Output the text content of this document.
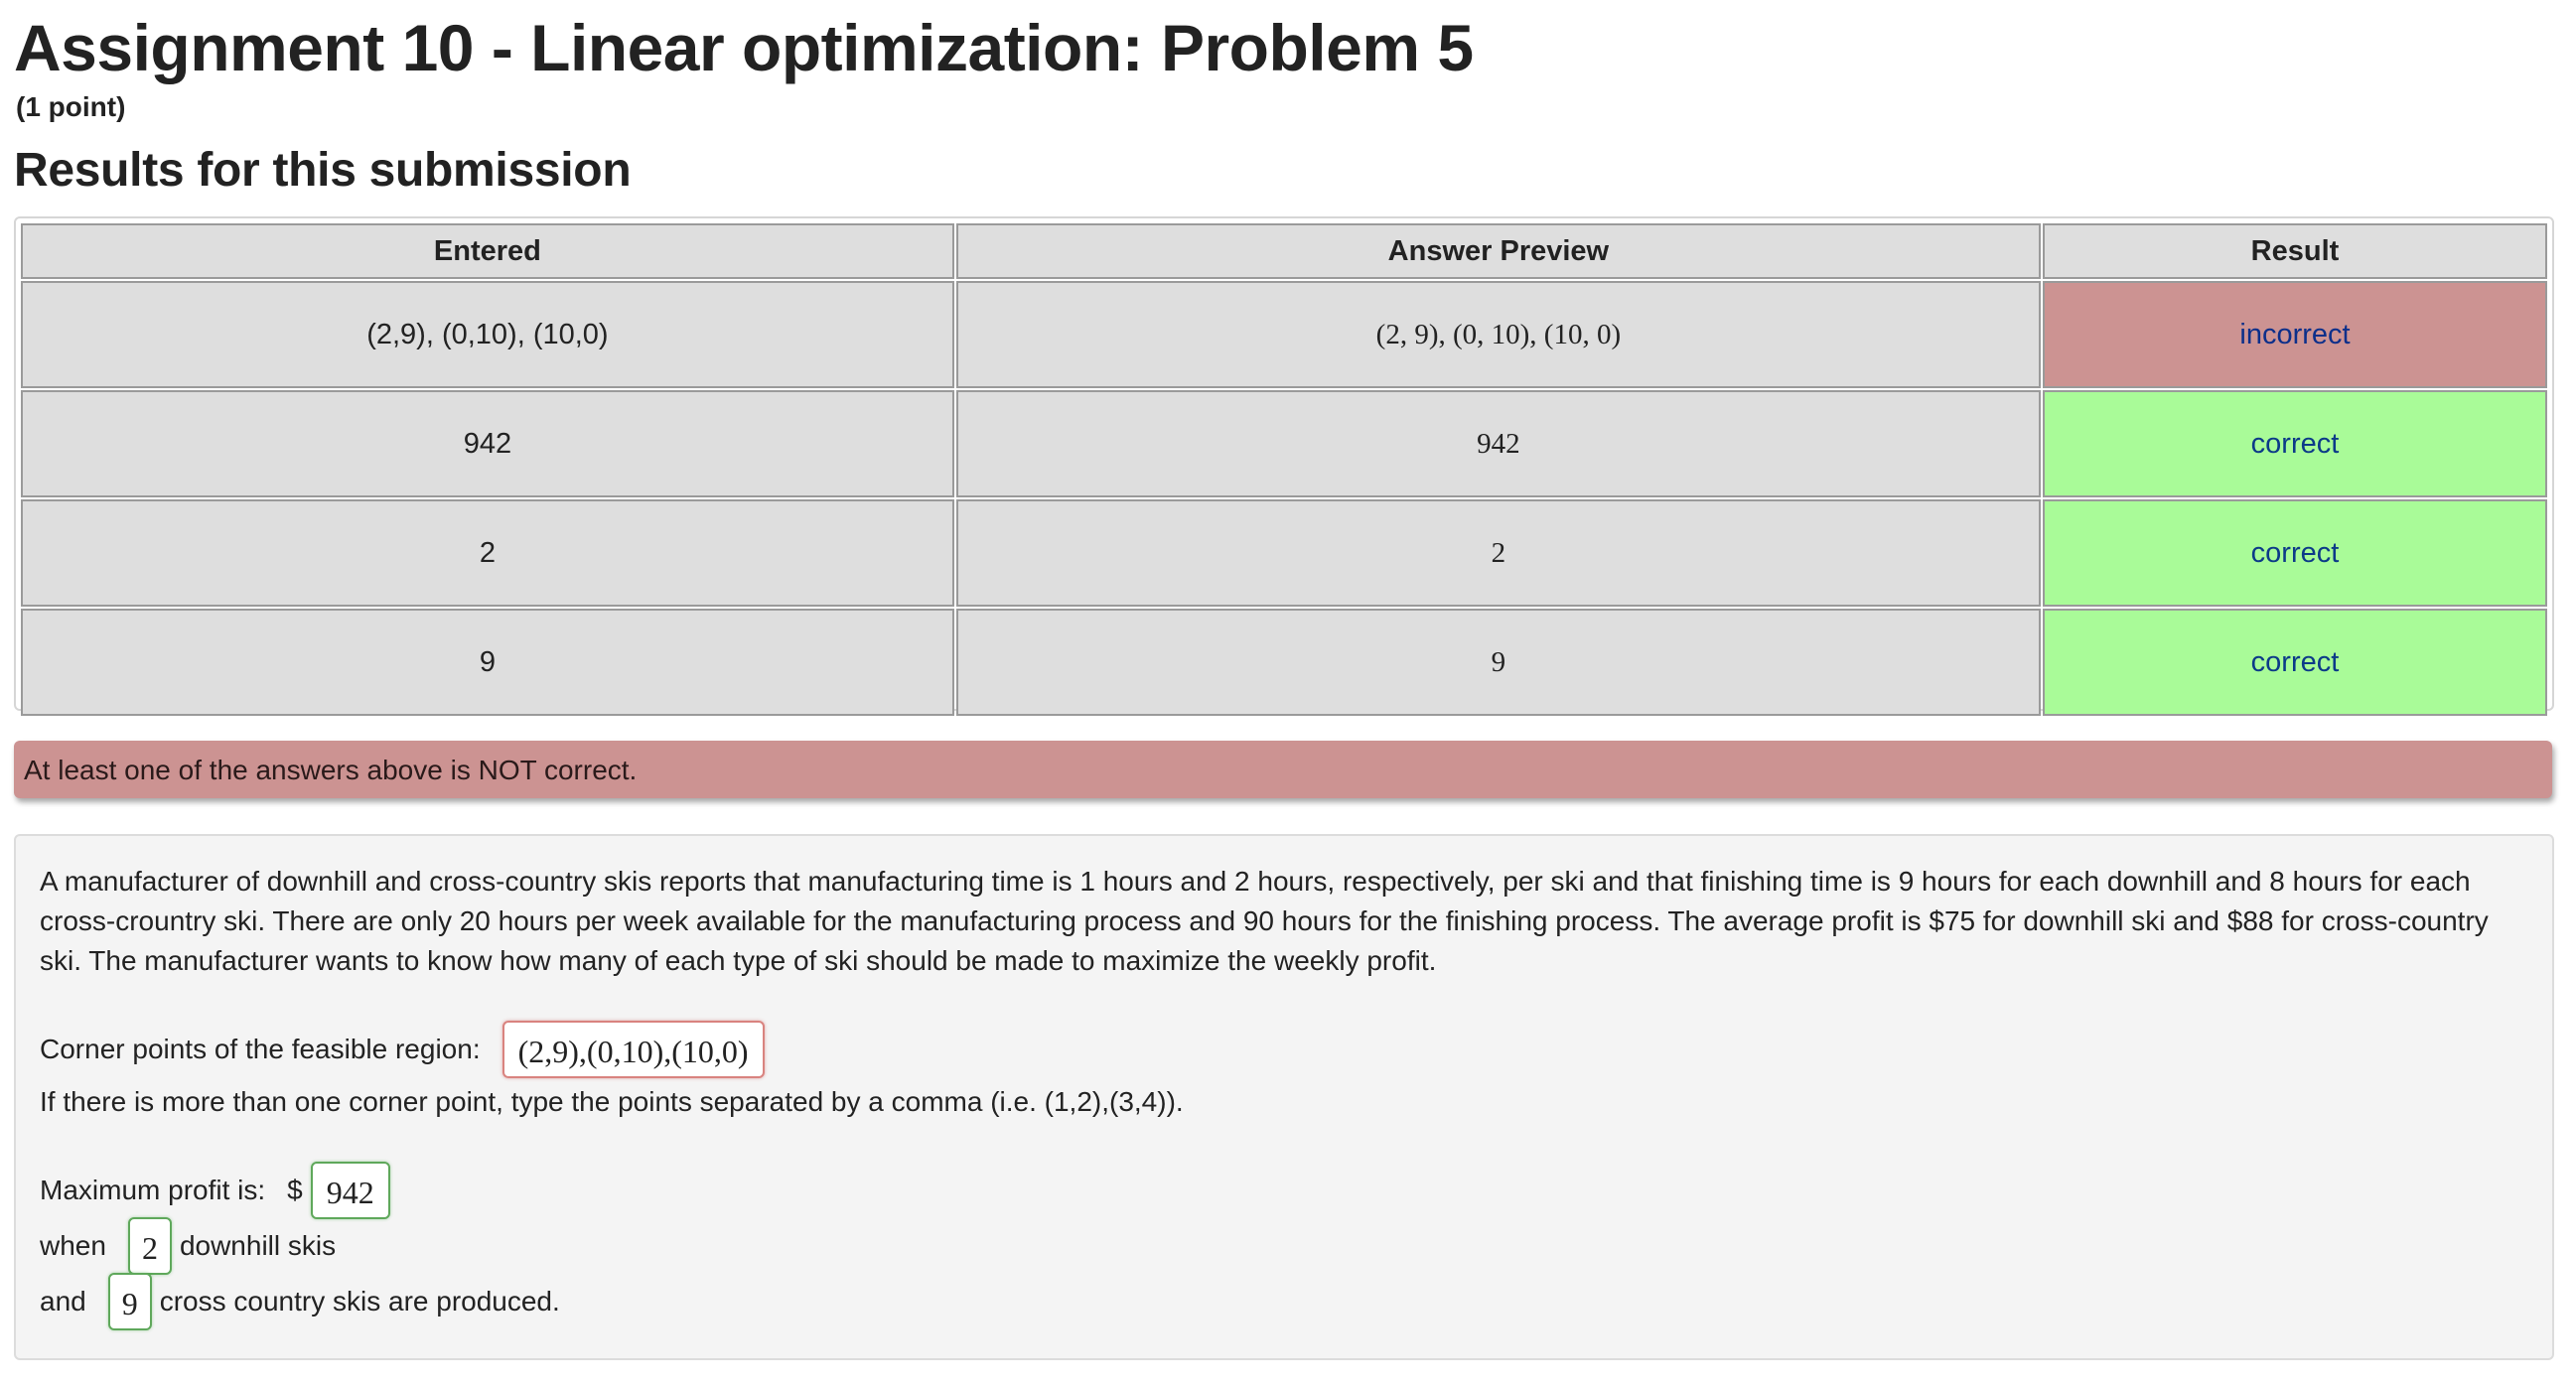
Assignment 10 - Linear optimization: Problem 5
(1 point)
Results for this submission
Entered	Answer Preview	Result
(2,9), (0,10), (10,0)	(2, 9), (0, 10), (10, 0)	incorrect
942	942	correct
2	2	correct
9	9	correct
At least one of the answers above is NOT correct.

A manufacturer of downhill and cross-country skis reports that manufacturing time is 1 hours and 2 hours, respectively, per ski and that finishing time is 9 hours for each downhill and 8 hours for each cross-crountry ski. There are only 20 hours per week available for the manufacturing process and 90 hours for the finishing process. The average profit is $75 for downhill ski and $88 for cross-country ski. The manufacturer wants to know how many of each type of ski should be made to maximize the weekly profit.

Corner points of the feasible region:	(2,9),(0,10),(10,0)
If there is more than one corner point, type the points separated by a comma (i.e. (1,2),(3,4)).
Maximum profit is: $ 942
when	2 downhill skis
and	9 cross country skis are produced.
